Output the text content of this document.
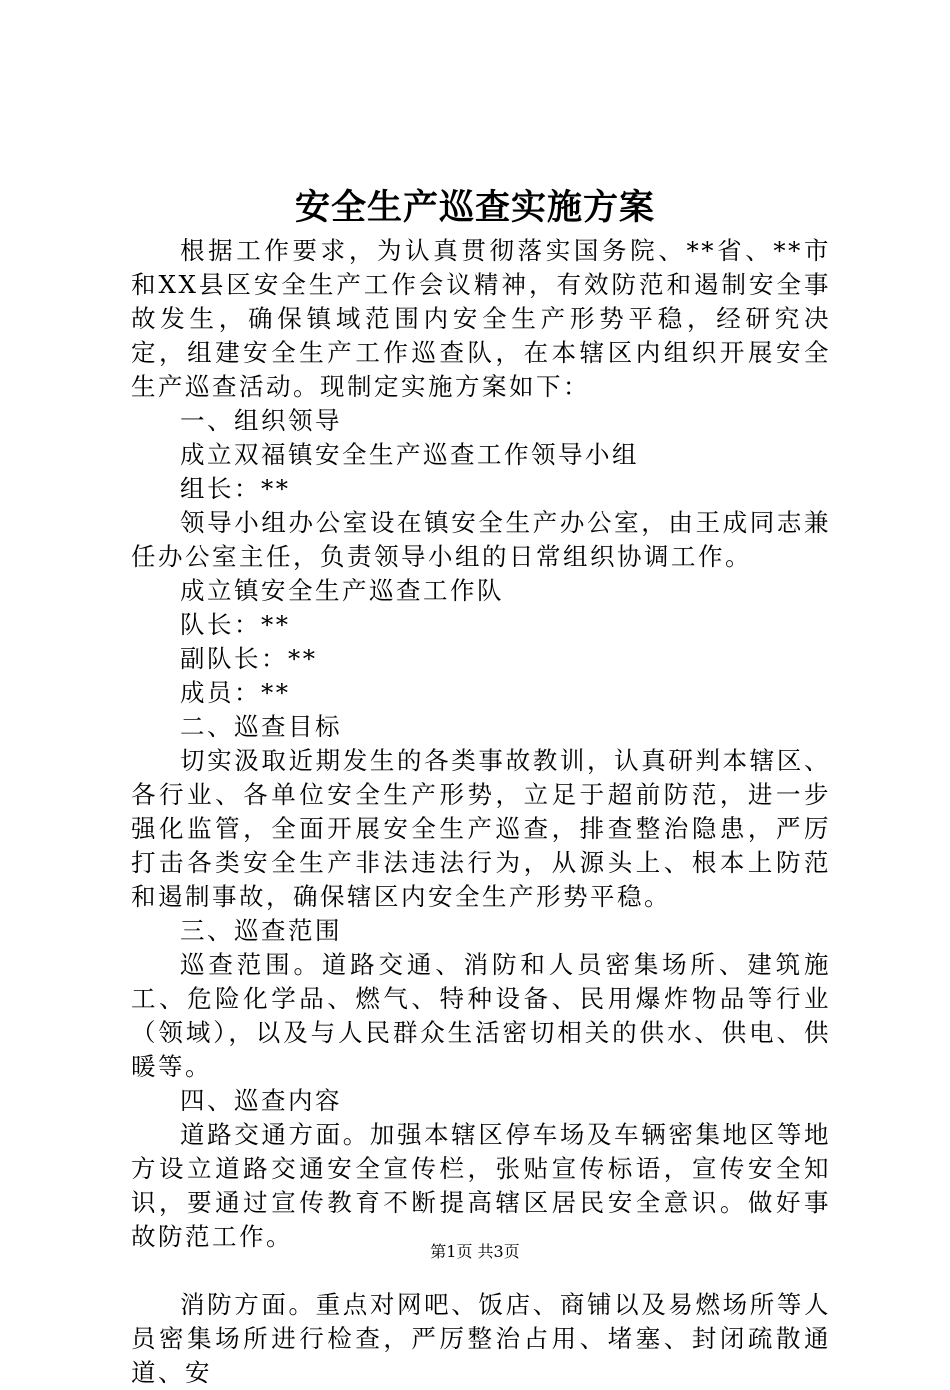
安全生产巡查实施方案

根据工作要求，为认真贯彻落实国务院、**省、**市和XX县区安全生产工作会议精神，有效防范和遏制安全事故发生，确保镇域范围内安全生产形势平稳，经研究决定，组建安全生产工作巡查队，在本辖区内组织开展安全生产巡查活动。现制定实施方案如下：

一、组织领导

成立双福镇安全生产巡查工作领导小组

组长：**

领导小组办公室设在镇安全生产办公室，由王成同志兼任办公室主任，负责领导小组的日常组织协调工作。

成立镇安全生产巡查工作队

队长：**

副队长：**

成员：**

二、巡查目标

切实汲取近期发生的各类事故教训，认真研判本辖区、各行业、各单位安全生产形势，立足于超前防范，进一步强化监管，全面开展安全生产巡查，排查整治隐患，严厉打击各类安全生产非法违法行为，从源头上、根本上防范和遏制事故，确保辖区内安全生产形势平稳。

三、巡查范围

巡查范围。道路交通、消防和人员密集场所、建筑施工、危险化学品、燃气、特种设备、民用爆炸物品等行业（领域），以及与人民群众生活密切相关的供水、供电、供暖等。

四、巡查内容

道路交通方面。加强本辖区停车场及车辆密集地区等地方设立道路交通安全宣传栏，张贴宣传标语，宣传安全知识，要通过宣传教育不断提高辖区居民安全意识。做好事故防范工作。

消防方面。重点对网吧、饭店、商铺以及易燃场所等人员密集场所进行检查，严厉整治占用、堵塞、封闭疏散通道、安

第1页 共3页
